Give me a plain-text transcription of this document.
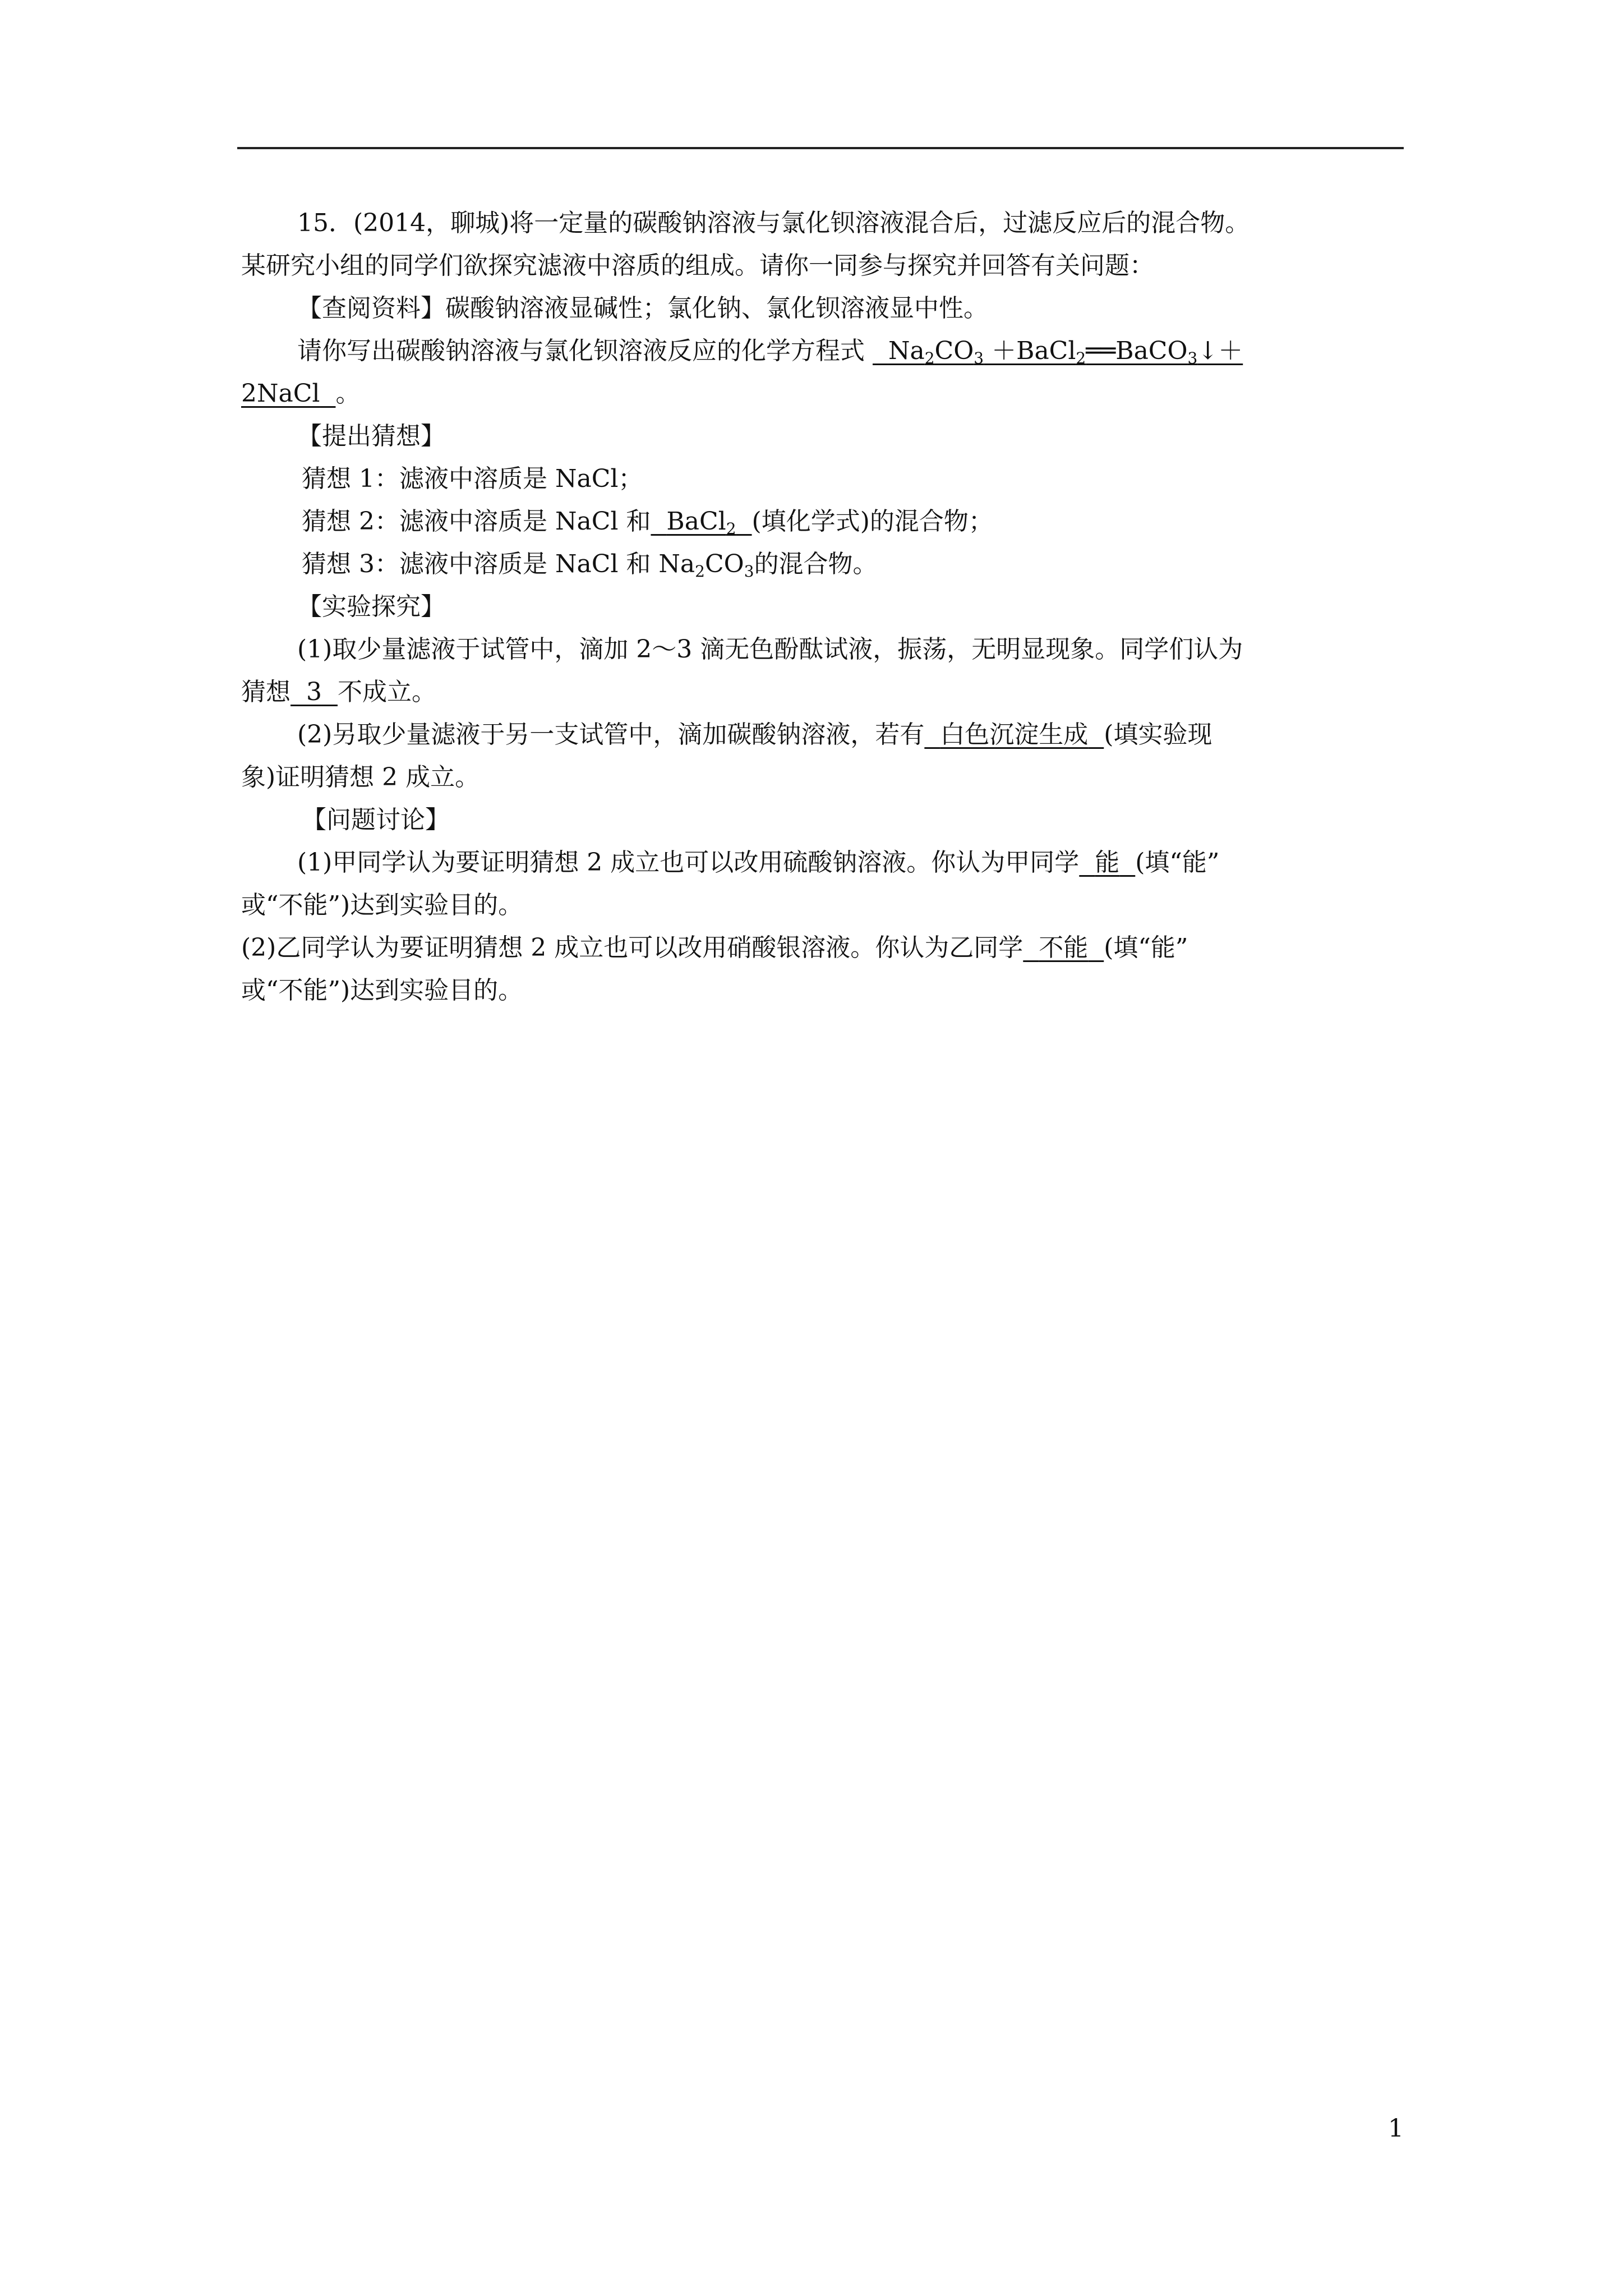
15．(2014，聊城)将一定量的碳酸钠溶液与氯化钡溶液混合后，过滤反应后的混合物。
某研究小组的同学们欲探究滤液中溶质的组成。请你一同参与探究并回答有关问题：
【查阅资料】碳酸钠溶液显碱性；氯化钠、氯化钡溶液显中性。
请你写出碳酸钠溶液与氯化钡溶液反应的化学方程式 $Na_2CO_3$ ＋BaCl$_2$══BaCO$_3$↓＋
2NaCl 。
【提出猜想】
猜想 1：滤液中溶质是 NaCl；
猜想 2：滤液中溶质是 NaCl 和 BaCl$_2$ (填化学式)的混合物；
猜想 3：滤液中溶质是 NaCl 和 $Na_2CO_3$的混合物。
【实验探究】
(1)取少量滤液于试管中，滴加 2～3 滴无色酚酞试液，振荡，无明显现象。同学们认为
猜想 3 不成立。
(2)另取少量滤液于另一支试管中，滴加碳酸钠溶液，若有 白色沉淀生成 (填实验现
象)证明猜想 2 成立。
【问题讨论】
(1)甲同学认为要证明猜想 2 成立也可以改用硫酸钠溶液。你认为甲同学 能 (填“能”
或“不能”)达到实验目的。
(2)乙同学认为要证明猜想 2 成立也可以改用硝酸银溶液。你认为乙同学 不能 (填“能”
或“不能”)达到实验目的。
1
